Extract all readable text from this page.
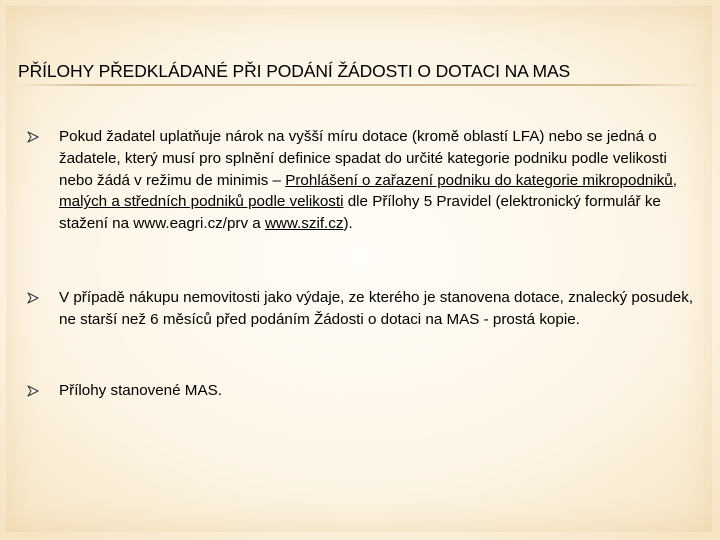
PŘÍLOHY PŘEDKLÁDANÉ PŘI PODÁNÍ ŽÁDOSTI O DOTACI NA MAS

Pokud žadatel uplatňuje nárok na vyšší míru dotace (kromě oblastí LFA) nebo se jedná o žadatele, který musí pro splnění definice spadat do určité kategorie podniku podle velikosti nebo žádá v režimu de minimis – Prohlášení o zařazení podniku do kategorie mikropodniků, malých a středních podniků podle velikosti dle Přílohy 5 Pravidel (elektronický formulář ke stažení na www.eagri.cz/prv a www.szif.cz).

V případě nákupu nemovitosti jako výdaje, ze kterého je stanovena dotace, znalecký posudek, ne starší než 6 měsíců před podáním Žádosti o dotaci na MAS - prostá kopie.

Přílohy stanovené MAS.
